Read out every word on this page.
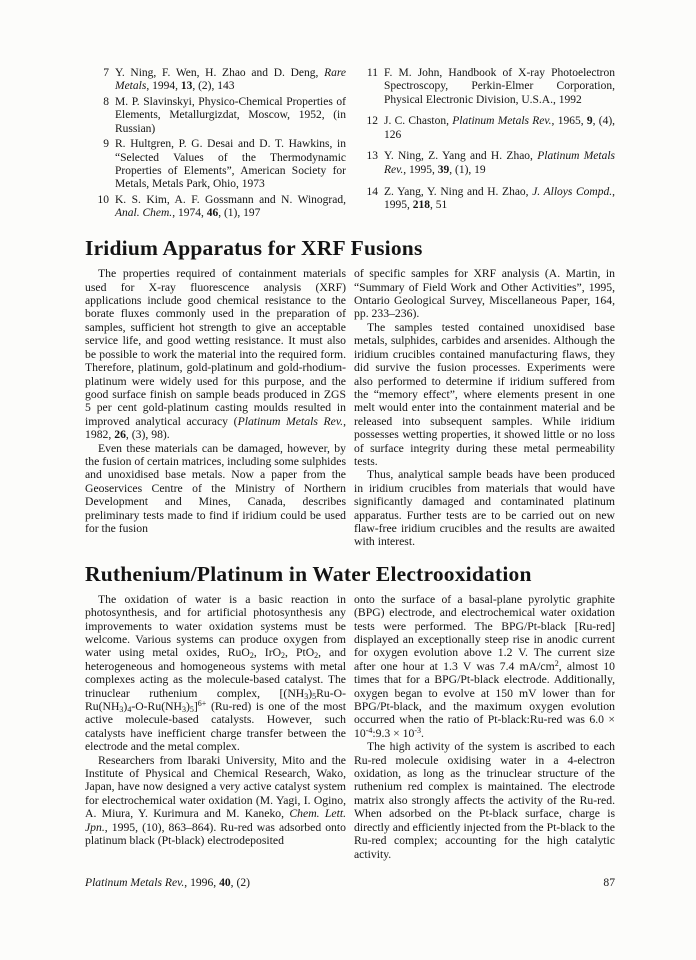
7 Y. Ning, F. Wen, H. Zhao and D. Deng, Rare Metals, 1994, 13, (2), 143
8 M. P. Slavinskyi, Physico-Chemical Properties of Elements, Metallurgizdat, Moscow, 1952, (in Russian)
9 R. Hultgren, P. G. Desai and D. T. Hawkins, in “Selected Values of the Thermodynamic Properties of Elements”, American Society for Metals, Metals Park, Ohio, 1973
10 K. S. Kim, A. F. Gossmann and N. Winograd, Anal. Chem., 1974, 46, (1), 197
11 F. M. John, Handbook of X-ray Photoelectron Spectroscopy, Perkin-Elmer Corporation, Physical Electronic Division, U.S.A., 1992
12 J. C. Chaston, Platinum Metals Rev., 1965, 9, (4), 126
13 Y. Ning, Z. Yang and H. Zhao, Platinum Metals Rev., 1995, 39, (1), 19
14 Z. Yang, Y. Ning and H. Zhao, J. Alloys Compd., 1995, 218, 51
Iridium Apparatus for XRF Fusions

The properties required of containment materials used for X-ray fluorescence analysis (XRF) applications include good chemical resistance to the borate fluxes commonly used in the preparation of samples, sufficient hot strength to give an acceptable service life, and good wetting resistance. It must also be possible to work the material into the required form. Therefore, platinum, gold-platinum and gold-rhodium-platinum were widely used for this purpose, and the good surface finish on sample beads produced in ZGS 5 per cent gold-platinum casting moulds resulted in improved analytical accuracy (Platinum Metals Rev., 1982, 26, (3), 98).

Even these materials can be damaged, however, by the fusion of certain matrices, including some sulphides and unoxidised base metals. Now a paper from the Geoservices Centre of the Ministry of Northern Development and Mines, Canada, describes preliminary tests made to find if iridium could be used for the fusion

of specific samples for XRF analysis (A. Martin, in “Summary of Field Work and Other Activities”, 1995, Ontario Geological Survey, Miscellaneous Paper, 164, pp. 233–236).

The samples tested contained unoxidised base metals, sulphides, carbides and arsenides. Although the iridium crucibles contained manufacturing flaws, they did survive the fusion processes. Experiments were also performed to determine if iridium suffered from the “memory effect”, where elements present in one melt would enter into the containment material and be released into subsequent samples. While iridium possesses wetting properties, it showed little or no loss of surface integrity during these metal permeability tests.

Thus, analytical sample beads have been produced in iridium crucibles from materials that would have significantly damaged and contaminated platinum apparatus. Further tests are to be carried out on new flaw-free iridium crucibles and the results are awaited with interest.

Ruthenium/Platinum in Water Electrooxidation

The oxidation of water is a basic reaction in photosynthesis, and for artificial photosynthesis any improvements to water oxidation systems must be welcome. Various systems can produce oxygen from water using metal oxides, RuO$_2$, IrO$_2$, PtO$_2$, and heterogeneous and homogeneous systems with metal complexes acting as the molecule-based catalyst. The trinuclear ruthenium complex, $[(NH_3)_5Ru-O-Ru(NH_3)_4-O-Ru(NH_3)_5]^{6+}$ (Ru-red) is one of the most active molecule-based catalysts. However, such catalysts have inefficient charge transfer between the electrode and the metal complex.

Researchers from Ibaraki University, Mito and the Institute of Physical and Chemical Research, Wako, Japan, have now designed a very active catalyst system for electrochemical water oxidation (M. Yagi, I. Ogino, A. Miura, Y. Kurimura and M. Kaneko, Chem. Lett. Jpn., 1995, (10), 863–864). Ru-red was adsorbed onto platinum black (Pt-black) electrodeposited

onto the surface of a basal-plane pyrolytic graphite (BPG) electrode, and electrochemical water oxidation tests were performed. The BPG/Pt-black [Ru-red] displayed an exceptionally steep rise in anodic current for oxygen evolution above 1.2 V. The current size after one hour at 1.3 V was 7.4 $mA/cm^2$, almost 10 times that for a BPG/Pt-black electrode. Additionally, oxygen began to evolve at 150 mV lower than for BPG/Pt-black, and the maximum oxygen evolution occurred when the ratio of Pt-black:Ru-red was $6.0 \times 10^{-4}:9.3 \times 10^{-3}$.

The high activity of the system is ascribed to each Ru-red molecule oxidising water in a 4-electron oxidation, as long as the trinuclear structure of the ruthenium red complex is maintained. The electrode matrix also strongly affects the activity of the Ru-red. When adsorbed on the Pt-black surface, charge is directly and efficiently injected from the Pt-black to the Ru-red complex; accounting for the high catalytic activity.

Platinum Metals Rev., 1996, 40, (2)	87
